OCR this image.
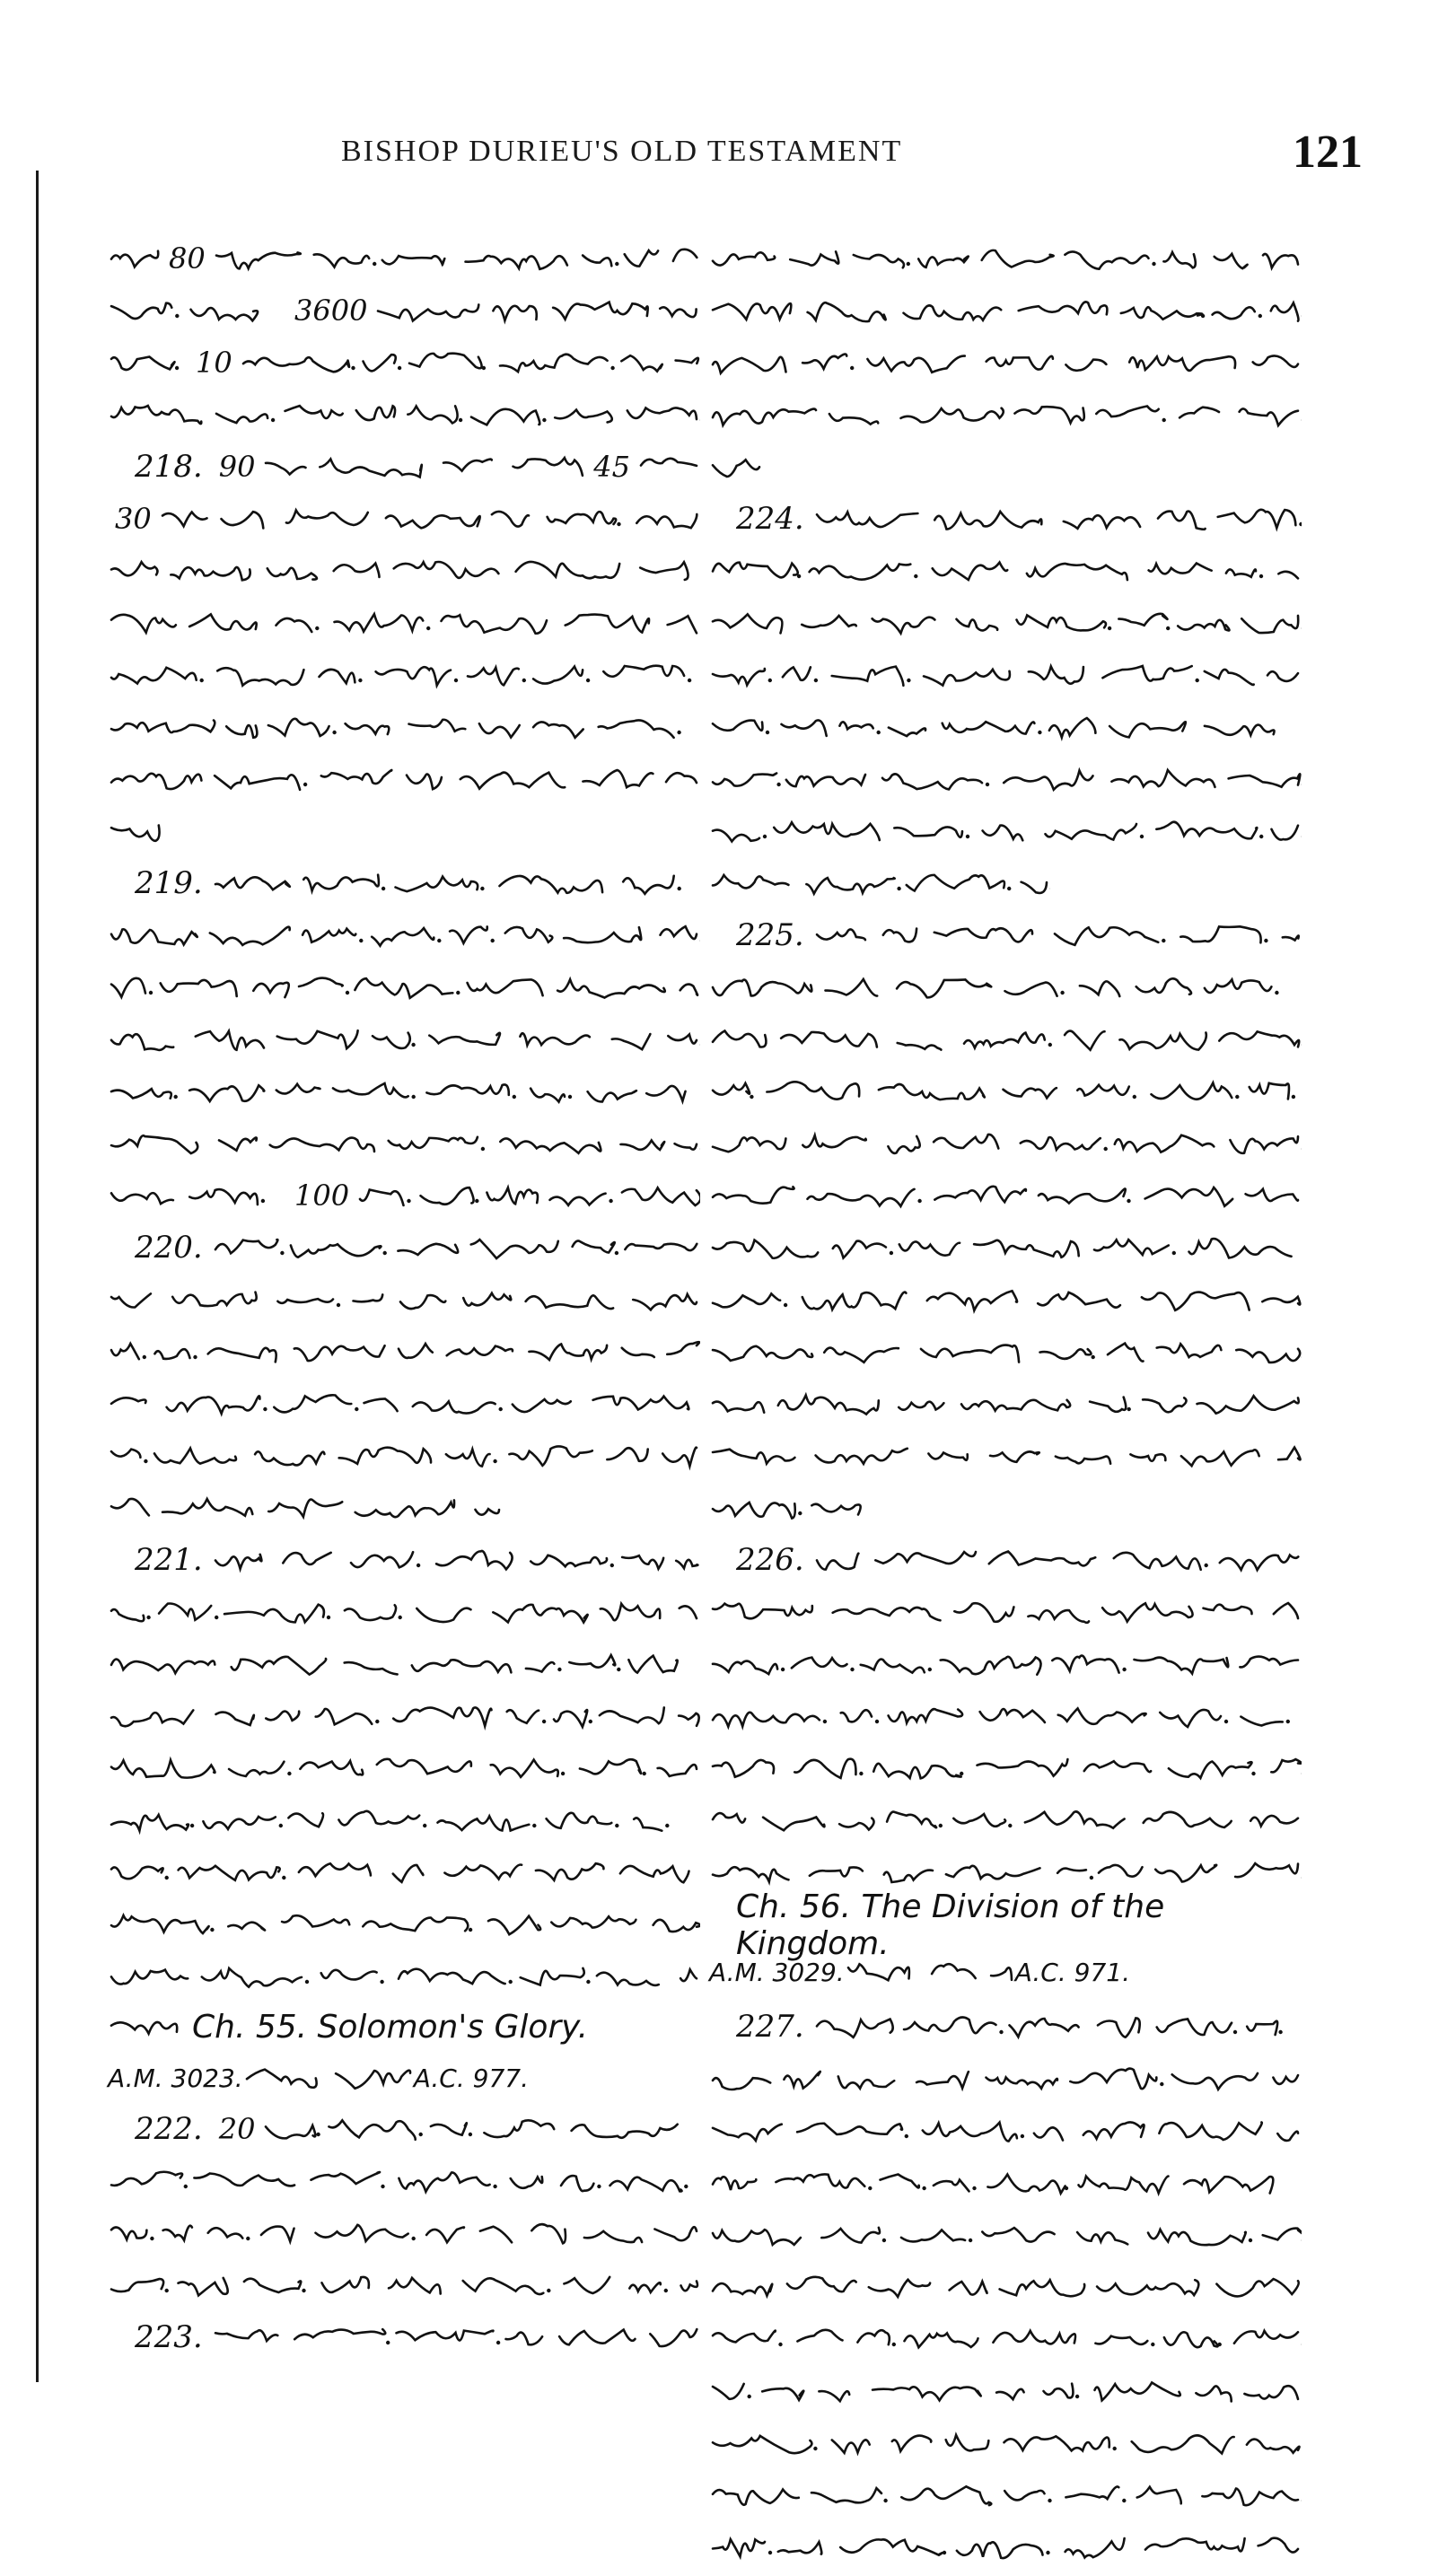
BISHOP DURIEU'S OLD TESTAMENT	121
80
3600
10
218. 90	45
30
219.
100
220.
221.
Ch. 55. Solomon's Glory.
A.M. 3023.	A.C. 977.
222. 20
223.
224.
225.
226.
Ch. 56. The Division of the Kingdom.
A.M. 3029.	A.C. 971.
227.
